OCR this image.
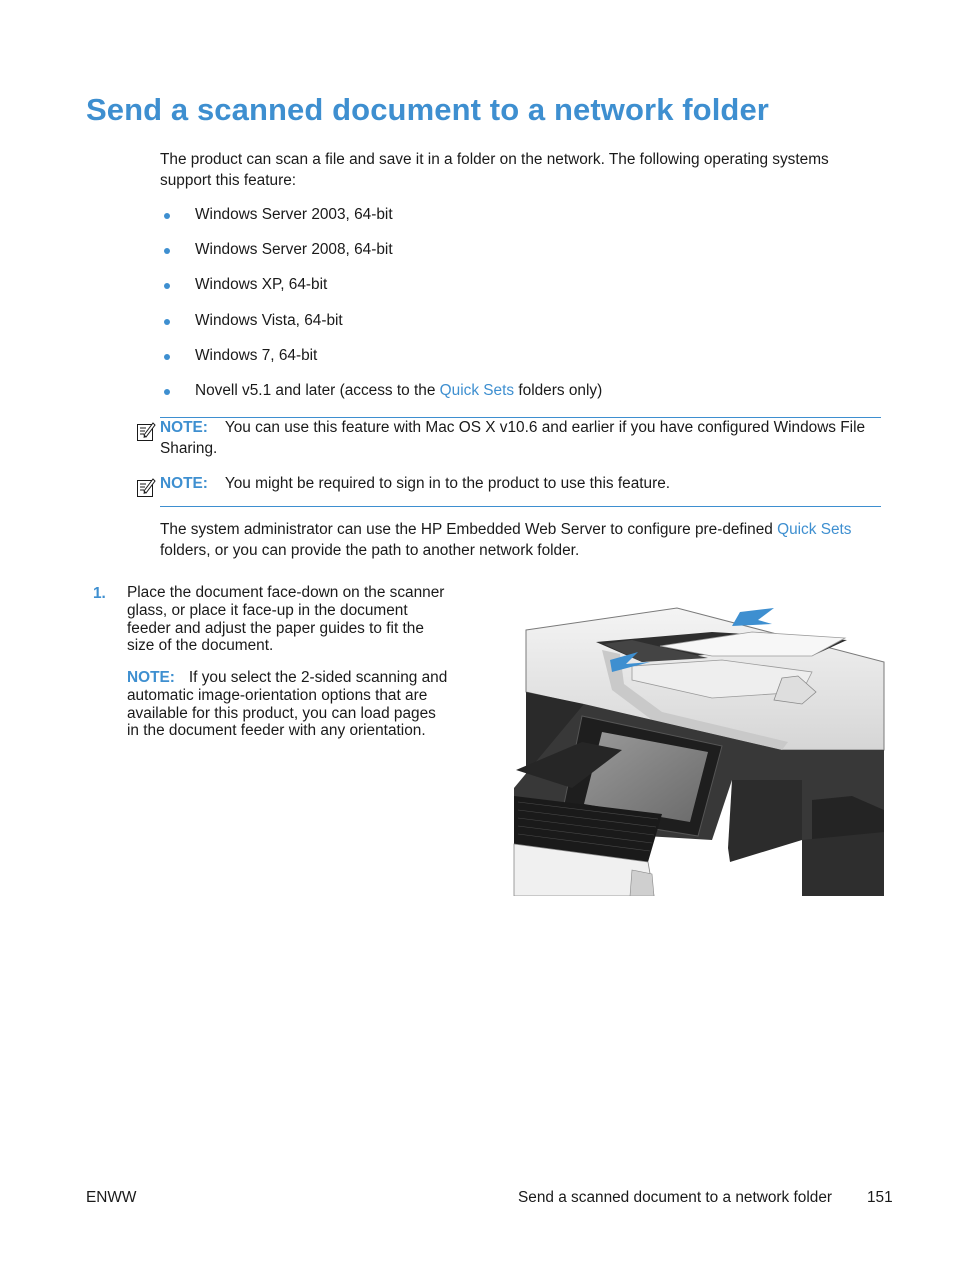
Send a scanned document to a network folder
The product can scan a file and save it in a folder on the network. The following operating systems support this feature:
Windows Server 2003, 64-bit
Windows Server 2008, 64-bit
Windows XP, 64-bit
Windows Vista, 64-bit
Windows 7, 64-bit
Novell v5.1 and later (access to the Quick Sets folders only)
NOTE: You can use this feature with Mac OS X v10.6 and earlier if you have configured Windows File Sharing.
NOTE: You might be required to sign in to the product to use this feature.
The system administrator can use the HP Embedded Web Server to configure pre-defined Quick Sets folders, or you can provide the path to another network folder.
1. Place the document face-down on the scanner glass, or place it face-up in the document feeder and adjust the paper guides to fit the size of the document.
NOTE: If you select the 2-sided scanning and automatic image-orientation options that are available for this product, you can load pages in the document feeder with any orientation.
ENWW	Send a scanned document to a network folder 151
